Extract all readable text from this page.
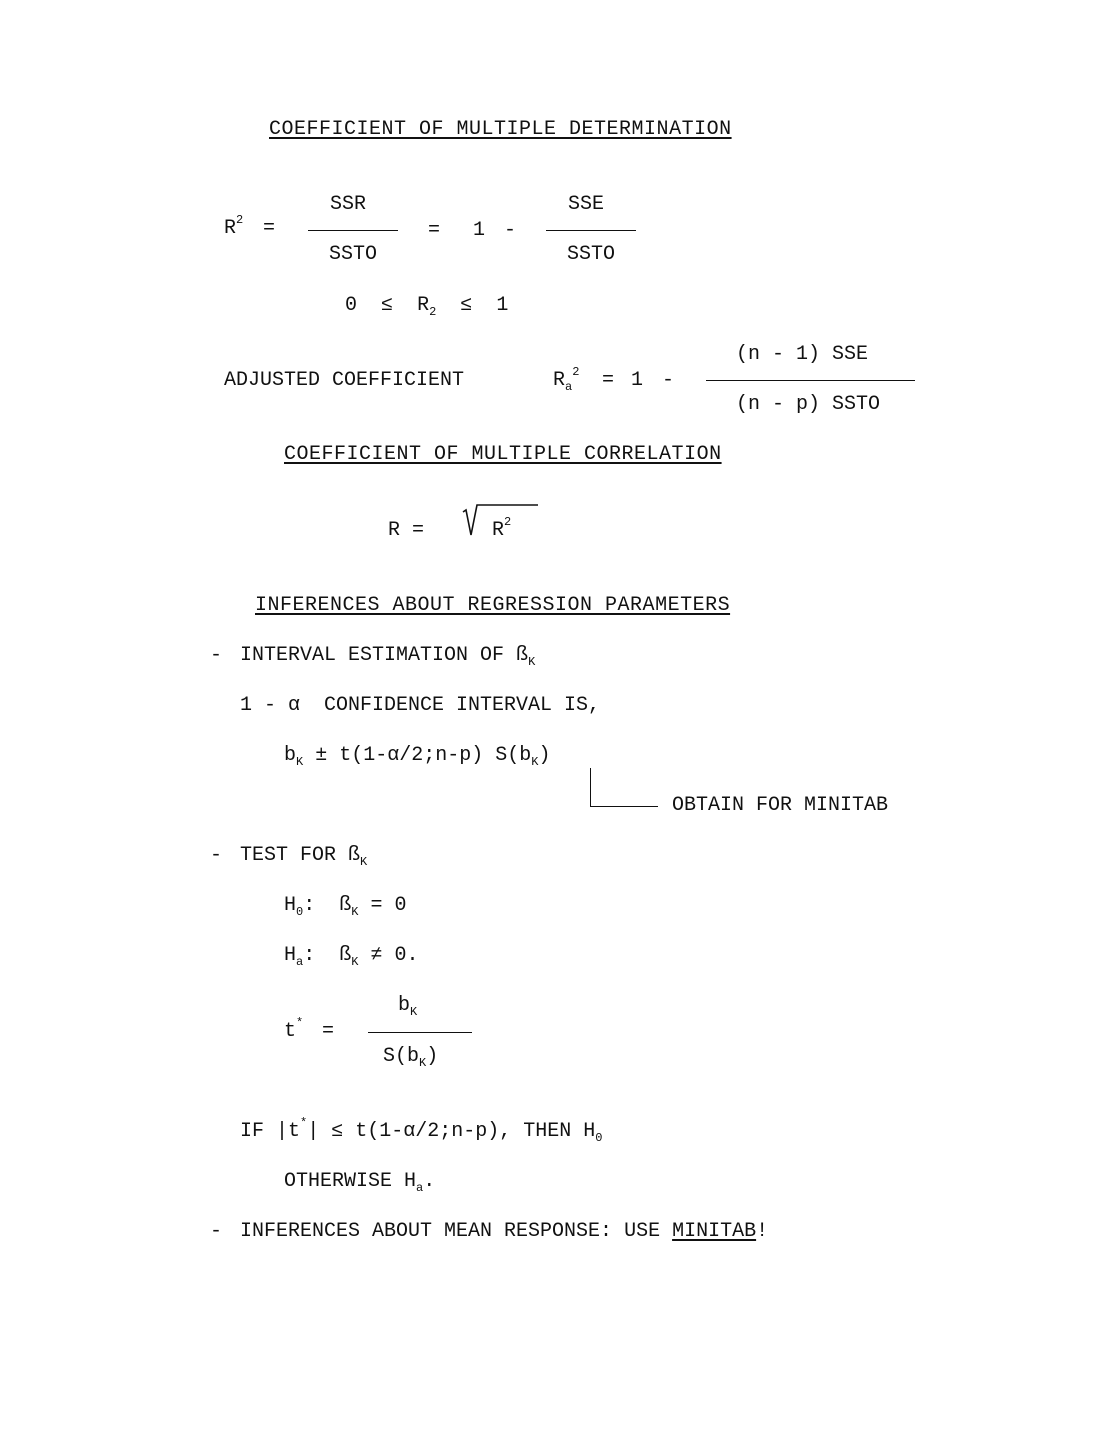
COEFFICIENT OF MULTIPLE DETERMINATION
$R^2$ =
SSR
SSTO
= 1 -
SSE
SSTO
$0 \le R_2 \le 1$
ADJUSTED COEFFICIENT	$R_a^2 = 1$ -
(n - 1) SSE
(n - p) SSTO
COEFFICIENT OF MULTIPLE CORRELATION
R =	$R^2$
INFERENCES ABOUT REGRESSION PARAMETERS
- INTERVAL ESTIMATION OF $ß_K$
1 - α  CONFIDENCE INTERVAL IS,
$b_K$ ± t(1-α/2;n-p) $S(b_K)$
OBTAIN FOR MINITAB
- TEST FOR $ß_K$
$H_0$: $ß_K = 0$
$H_a$: $ß_K \ne 0$.
t* =
$b_K$
$S(b_K)$
IF |t*| ≤ t(1-α/2;n-p), THEN $H_0$
OTHERWISE $H_a$.
- INFERENCES ABOUT MEAN RESPONSE: USE MINITAB!
